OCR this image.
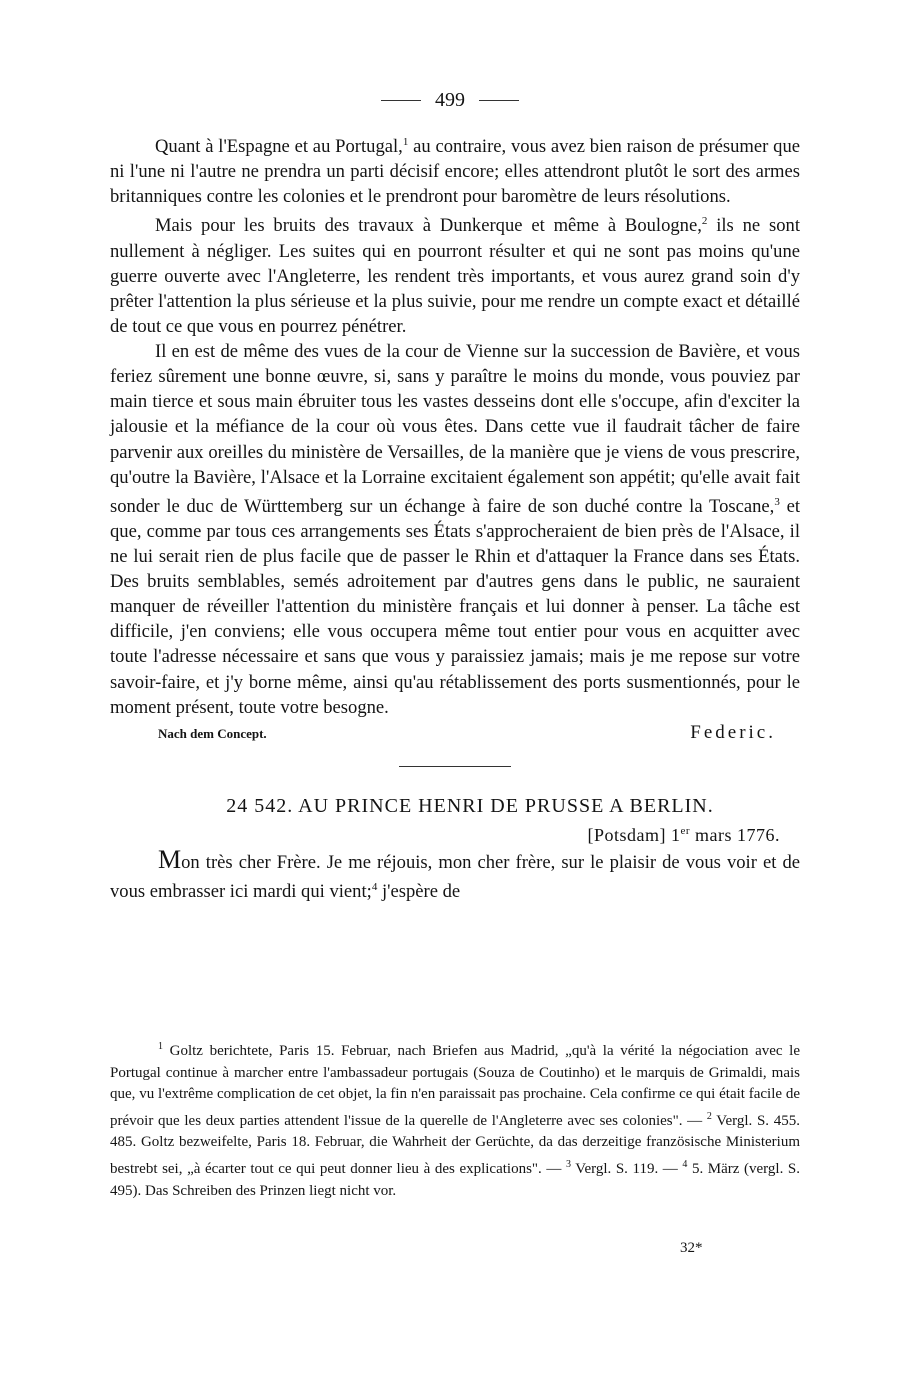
499

Quant à l'Espagne et au Portugal,$^1$ au contraire, vous avez bien raison de présumer que ni l'une ni l'autre ne prendra un parti décisif encore; elles attendront plutôt le sort des armes britanniques contre les colonies et le prendront pour baromètre de leurs résolutions.

Mais pour les bruits des travaux à Dunkerque et même à Boulogne,$^2$ ils ne sont nullement à négliger. Les suites qui en pourront résulter et qui ne sont pas moins qu'une guerre ouverte avec l'Angleterre, les rendent très importants, et vous aurez grand soin d'y prêter l'attention la plus sérieuse et la plus suivie, pour me rendre un compte exact et détaillé de tout ce que vous en pourrez pénétrer.

Il en est de même des vues de la cour de Vienne sur la succession de Bavière, et vous feriez sûrement une bonne œuvre, si, sans y paraître le moins du monde, vous pouviez par main tierce et sous main ébruiter tous les vastes desseins dont elle s'occupe, afin d'exciter la jalousie et la méfiance de la cour où vous êtes. Dans cette vue il faudrait tâcher de faire parvenir aux oreilles du ministère de Versailles, de la manière que je viens de vous prescrire, qu'outre la Bavière, l'Alsace et la Lorraine excitaient également son appétit; qu'elle avait fait sonder le duc de Württemberg sur un échange à faire de son duché contre la Toscane,$^3$ et que, comme par tous ces arrangements ses États s'approcheraient de bien près de l'Alsace, il ne lui serait rien de plus facile que de passer le Rhin et d'attaquer la France dans ses États. Des bruits semblables, semés adroitement par d'autres gens dans le public, ne sauraient manquer de réveiller l'attention du ministère français et lui donner à penser. La tâche est difficile, j'en conviens; elle vous occupera même tout entier pour vous en acquitter avec toute l'adresse nécessaire et sans que vous y paraissiez jamais; mais je me repose sur votre savoir-faire, et j'y borne même, ainsi qu'au rétablissement des ports susmentionnés, pour le moment présent, toute votre besogne.

Nach dem Concept.	Federic.
24 542. AU PRINCE HENRI DE PRUSSE A BERLIN.
[Potsdam] 1er mars 1776.

Mon très cher Frère. Je me réjouis, mon cher frère, sur le plaisir de vous voir et de vous embrasser ici mardi qui vient;$^4$ j'espère de

$^1$ Goltz berichtete, Paris 15. Februar, nach Briefen aus Madrid, „qu'à la vérité la négociation avec le Portugal continue à marcher entre l'ambassadeur portugais (Souza de Coutinho) et le marquis de Grimaldi, mais que, vu l'extrême complication de cet objet, la fin n'en paraissait pas prochaine. Cela confirme ce qui était facile de prévoir que les deux parties attendent l'issue de la querelle de l'Angleterre avec ses colonies". — $^2$ Vergl. S. 455. 485. Goltz bezweifelte, Paris 18. Februar, die Wahrheit der Gerüchte, da das derzeitige französische Ministerium bestrebt sei, „à écarter tout ce qui peut donner lieu à des explications". — $^3$ Vergl. S. 119. — $^4$ 5. März (vergl. S. 495). Das Schreiben des Prinzen liegt nicht vor.

32*
